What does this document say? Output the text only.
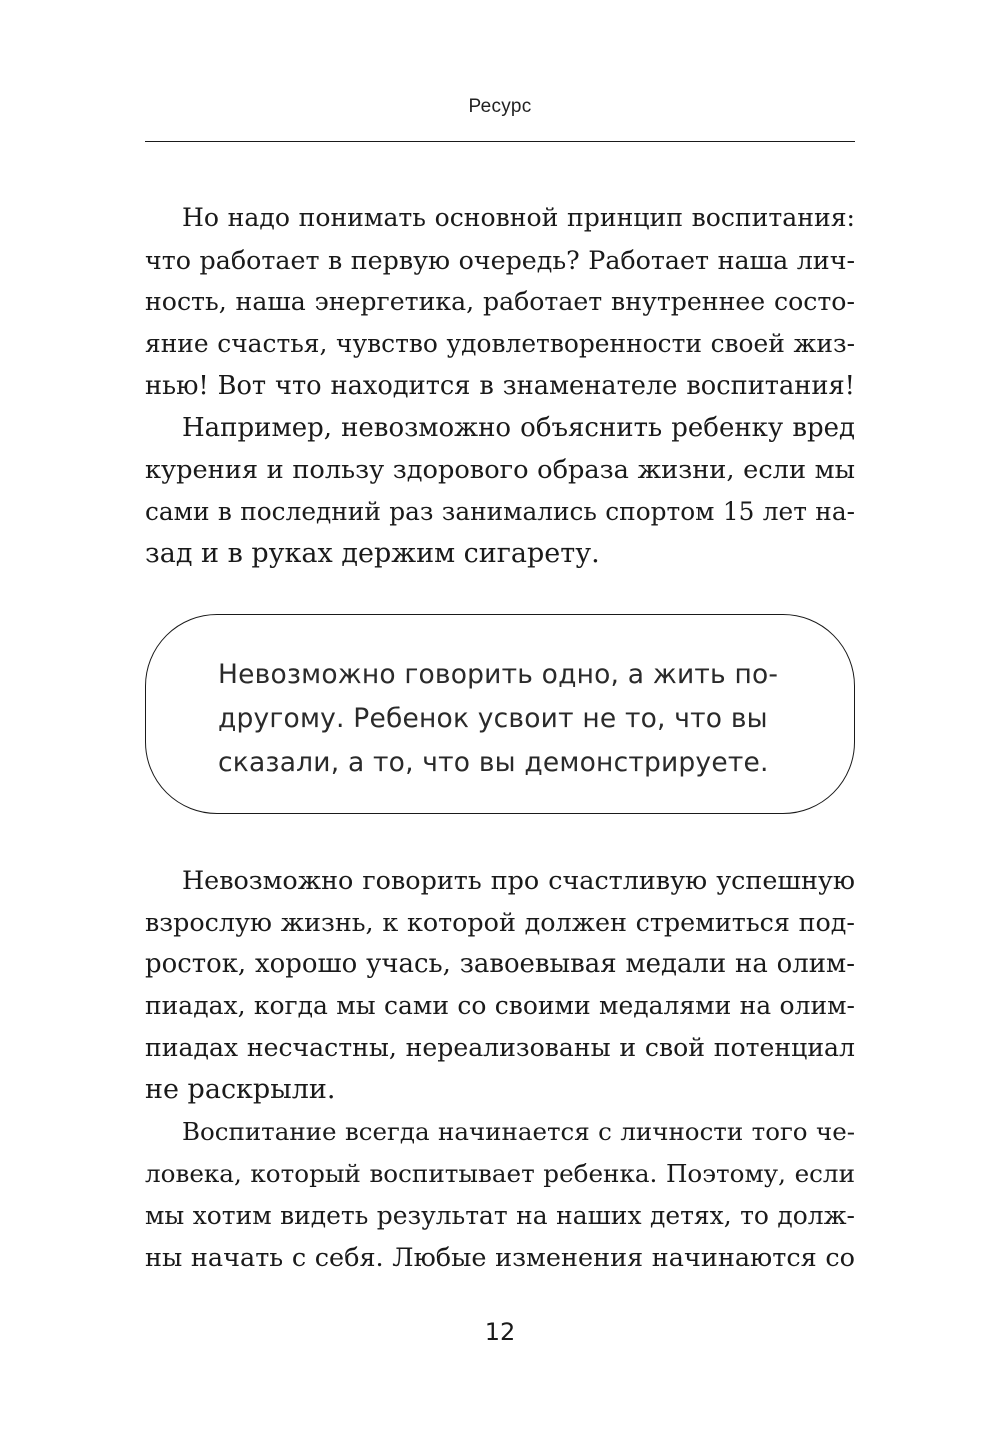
Ресурс
Но надо понимать основной принцип воспитания:
что работает в первую очередь? Работает наша лич-
ность, наша энергетика, работает внутреннее состо-
яние счастья, чувство удовлетворенности своей жиз-
нью! Вот что находится в знаменателе воспитания!
Например, невозможно объяснить ребенку вред
курения и пользу здорового образа жизни, если мы
сами в последний раз занимались спортом 15 лет на-
зад и в руках держим сигарету.
Невозможно говорить одно, а жить по-
другому. Ребенок усвоит не то, что вы
сказали, а то, что вы демонстрируете.
Невозможно говорить про счастливую успешную
взрослую жизнь, к которой должен стремиться под-
росток, хорошо учась, завоевывая медали на олим-
пиадах, когда мы сами со своими медалями на олим-
пиадах несчастны, нереализованы и свой потенциал
не раскрыли.
Воспитание всегда начинается с личности того че-
ловека, который воспитывает ребенка. Поэтому, если
мы хотим видеть результат на наших детях, то долж-
ны начать с себя. Любые изменения начинаются со
12
